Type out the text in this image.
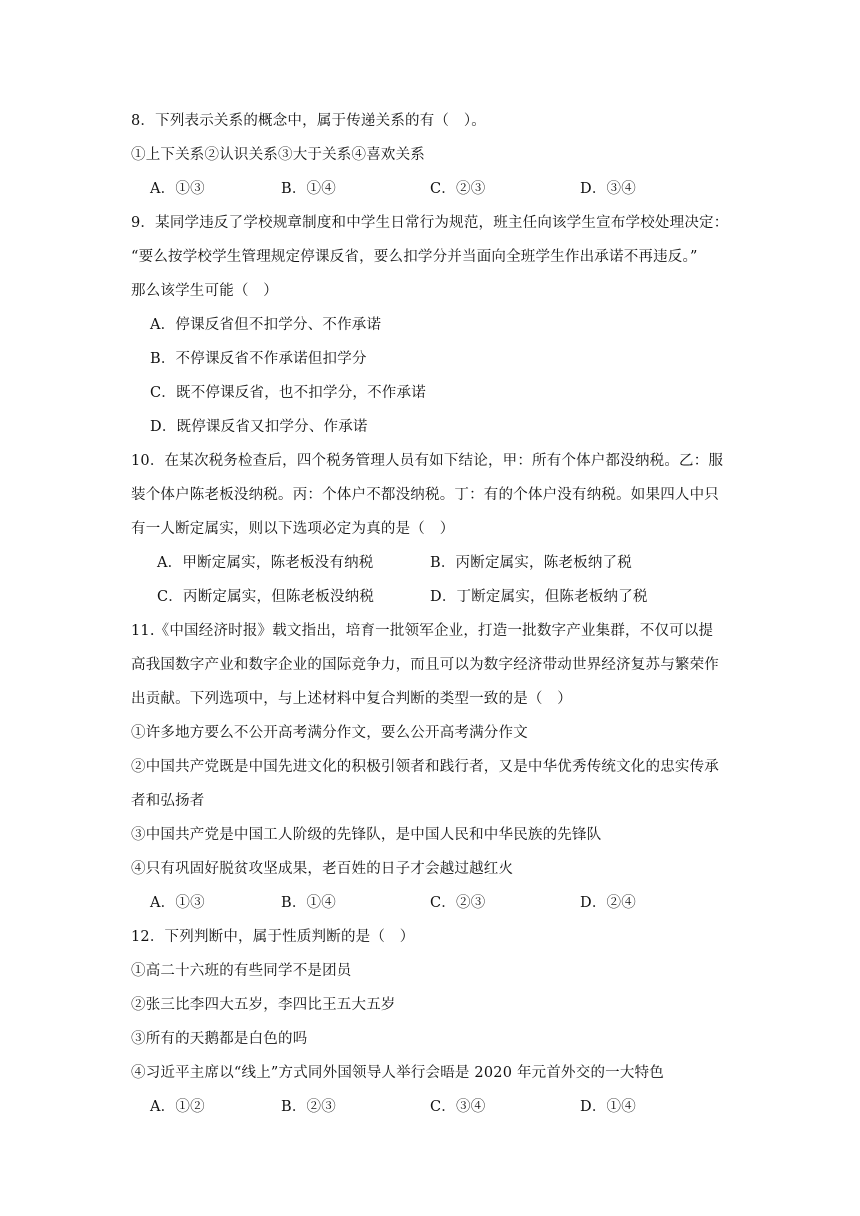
8．下列表示关系的概念中，属于传递关系的有（　）。
①上下关系②认识关系③大于关系④喜欢关系
A．①③	B．①④	C．②③	D．③④
9．某同学违反了学校规章制度和中学生日常行为规范，班主任向该学生宣布学校处理决定：
“要么按学校学生管理规定停课反省，要么扣学分并当面向全班学生作出承诺不再违反。”
那么该学生可能（　）
A．停课反省但不扣学分、不作承诺
B．不停课反省不作承诺但扣学分
C．既不停课反省，也不扣学分，不作承诺
D．既停课反省又扣学分、作承诺
10．在某次税务检查后，四个税务管理人员有如下结论，甲：所有个体户都没纳税。乙：服
装个体户陈老板没纳税。丙：个体户不都没纳税。丁：有的个体户没有纳税。如果四人中只
有一人断定属实，则以下选项必定为真的是（　）
A．甲断定属实，陈老板没有纳税	B．丙断定属实，陈老板纳了税
C．丙断定属实，但陈老板没纳税	D．丁断定属实，但陈老板纳了税
11.《中国经济时报》载文指出，培育一批领军企业，打造一批数字产业集群，不仅可以提
高我国数字产业和数字企业的国际竞争力，而且可以为数字经济带动世界经济复苏与繁荣作
出贡献。下列选项中，与上述材料中复合判断的类型一致的是（　）
①许多地方要么不公开高考满分作文，要么公开高考满分作文
②中国共产党既是中国先进文化的积极引领者和践行者，又是中华优秀传统文化的忠实传承
者和弘扬者
③中国共产党是中国工人阶级的先锋队，是中国人民和中华民族的先锋队
④只有巩固好脱贫攻坚成果，老百姓的日子才会越过越红火
A．①③	B．①④	C．②③	D．②④
12．下列判断中，属于性质判断的是（　）
①高二十六班的有些同学不是团员
②张三比李四大五岁，李四比王五大五岁
③所有的天鹅都是白色的吗
④习近平主席以“线上”方式同外国领导人举行会晤是 2020 年元首外交的一大特色
A．①②	B．②③	C．③④	D．①④
